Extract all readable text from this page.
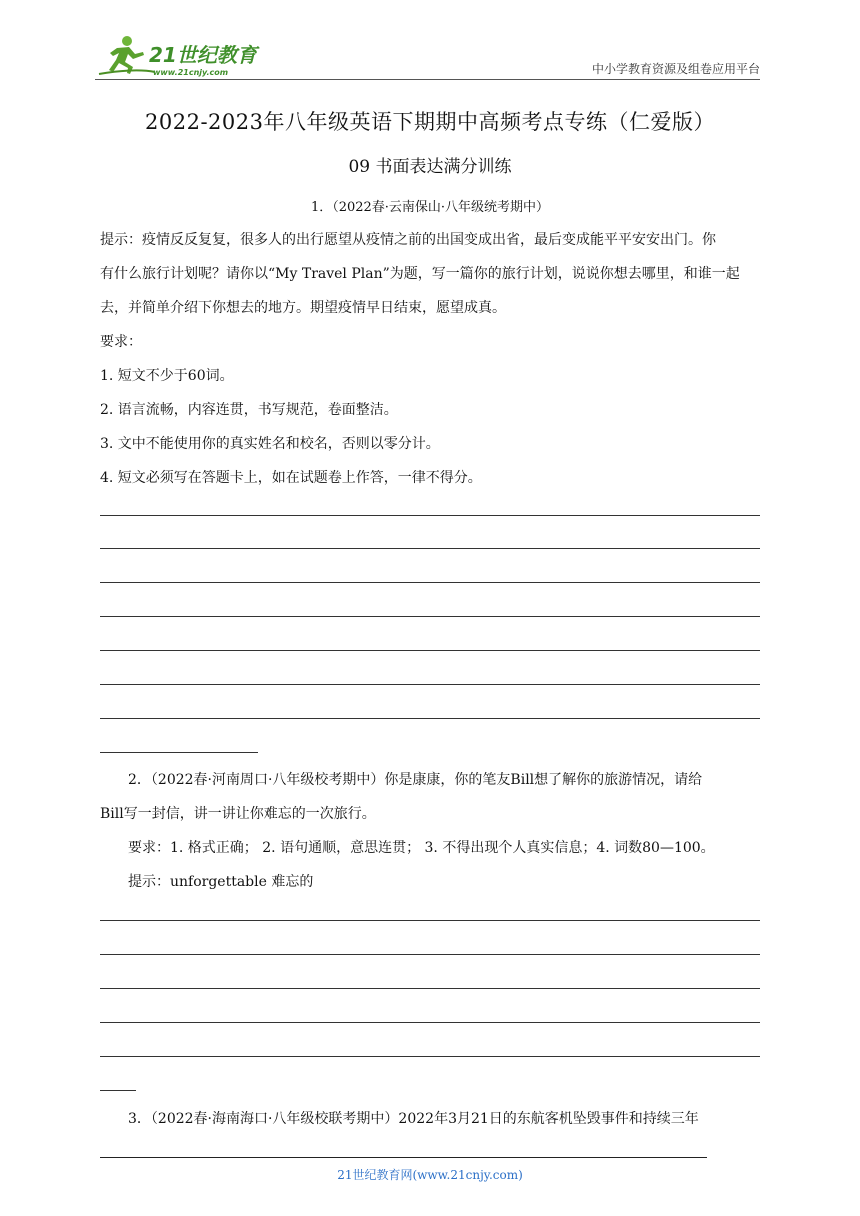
21世纪教育
www.21cnjy.com	中小学教育资源及组卷应用平台
2022-2023年八年级英语下期期中高频考点专练（仁爱版）
09 书面表达满分训练
1．（2022春·云南保山·八年级统考期中）
提示：疫情反反复复，很多人的出行愿望从疫情之前的出国变成出省，最后变成能平平安安出门。你
有什么旅行计划呢？请你以“My Travel Plan”为题，写一篇你的旅行计划，说说你想去哪里，和谁一起
去，并简单介绍下你想去的地方。期望疫情早日结束，愿望成真。
要求：
1. 短文不少于60词。
2. 语言流畅，内容连贯，书写规范，卷面整洁。
3. 文中不能使用你的真实姓名和校名，否则以零分计。
4. 短文必须写在答题卡上，如在试题卷上作答，一律不得分。
2．（2022春·河南周口·八年级校考期中）你是康康，你的笔友Bill想了解你的旅游情况，请给
Bill写一封信，讲一讲让你难忘的一次旅行。
要求：1. 格式正确； 2. 语句通顺，意思连贯； 3. 不得出现个人真实信息；4. 词数80—100。
提示：unforgettable 难忘的
3．（2022春·海南海口·八年级校联考期中）2022年3月21日的东航客机坠毁事件和持续三年
21世纪教育网(www.21cnjy.com)
